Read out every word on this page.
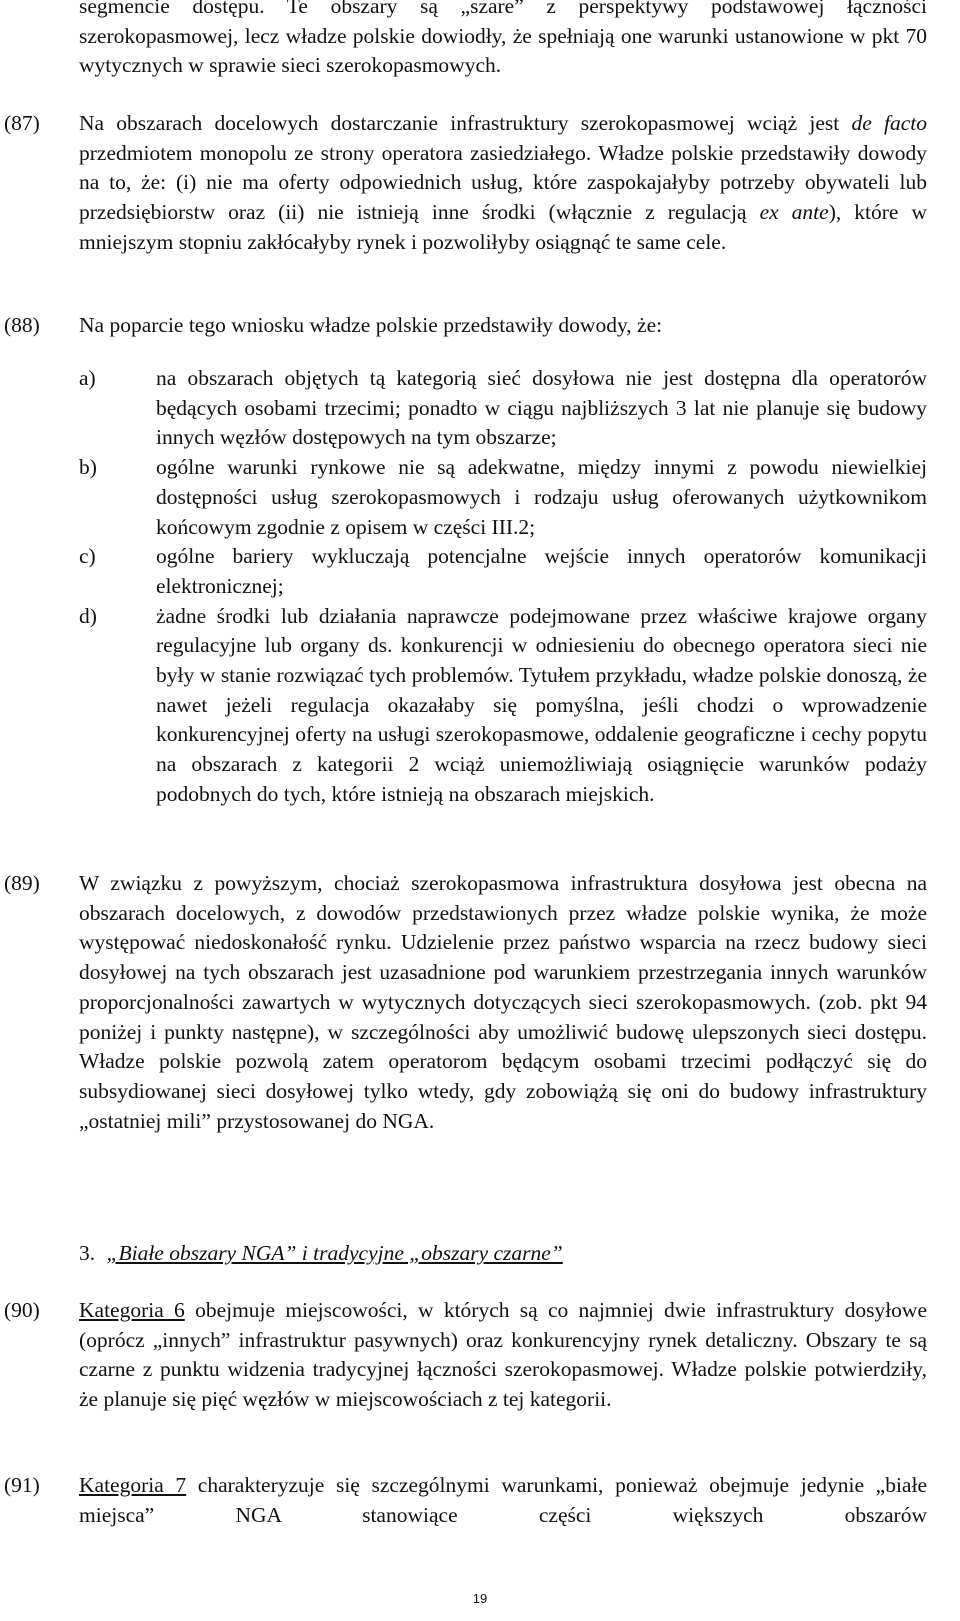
segmencie dostępu. Te obszary są „szare” z perspektywy podstawowej łączności szerokopasmowej, lecz władze polskie dowiodły, że spełniają one warunki ustanowione w pkt 70 wytycznych w sprawie sieci szerokopasmowych.
(87) Na obszarach docelowych dostarczanie infrastruktury szerokopasmowej wciąż jest de facto przedmiotem monopolu ze strony operatora zasiedziałego. Władze polskie przedstawiły dowody na to, że: (i) nie ma oferty odpowiednich usług, które zaspokajałyby potrzeby obywateli lub przedsiębiorstw oraz (ii) nie istnieją inne środki (włącznie z regulacją ex ante), które w mniejszym stopniu zakłócałyby rynek i pozwoliłyby osiągnąć te same cele.
(88) Na poparcie tego wniosku władze polskie przedstawiły dowody, że:
a)	na obszarach objętych tą kategorią sieć dosyłowa nie jest dostępna dla operatorów będących osobami trzecimi; ponadto w ciągu najbliższych 3 lat nie planuje się budowy innych węzłów dostępowych na tym obszarze;
b)	ogólne warunki rynkowe nie są adekwatne, między innymi z powodu niewielkiej dostępności usług szerokopasmowych i rodzaju usług oferowanych użytkownikom końcowym zgodnie z opisem w części III.2;
c)	ogólne bariery wykluczają potencjalne wejście innych operatorów komunikacji elektronicznej;
d)	żadne środki lub działania naprawcze podejmowane przez właściwe krajowe organy regulacyjne lub organy ds. konkurencji w odniesieniu do obecnego operatora sieci nie były w stanie rozwiązać tych problemów. Tytułem przykładu, władze polskie donoszą, że nawet jeżeli regulacja okazałaby się pomyślna, jeśli chodzi o wprowadzenie konkurencyjnej oferty na usługi szerokopasmowe, oddalenie geograficzne i cechy popytu na obszarach z kategorii 2 wciąż uniemożliwiają osiągnięcie warunków podaży podobnych do tych, które istnieją na obszarach miejskich.
(89) W związku z powyższym, chociaż szerokopasmowa infrastruktura dosyłowa jest obecna na obszarach docelowych, z dowodów przedstawionych przez władze polskie wynika, że może występować niedoskonałość rynku. Udzielenie przez państwo wsparcia na rzecz budowy sieci dosyłowej na tych obszarach jest uzasadnione pod warunkiem przestrzegania innych warunków proporcjonalności zawartych w wytycznych dotyczących sieci szerokopasmowych. (zob. pkt 94 poniżej i punkty następne), w szczególności aby umożliwić budowę ulepszonych sieci dostępu. Władze polskie pozwolą zatem operatorom będącym osobami trzecimi podłączyć się do subsydiowanej sieci dosyłowej tylko wtedy, gdy zobowiążą się oni do budowy infrastruktury „ostatniej mili” przystosowanej do NGA.
3. „Białe obszary NGA” i tradycyjne „obszary czarne”
(90) Kategoria 6 obejmuje miejscowości, w których są co najmniej dwie infrastruktury dosyłowe (oprócz „innych” infrastruktur pasywnych) oraz konkurencyjny rynek detaliczny. Obszary te są czarne z punktu widzenia tradycyjnej łączności szerokopasmowej. Władze polskie potwierdziły, że planuje się pięć węzłów w miejscowościach z tej kategorii.
(91) Kategoria 7 charakteryzuje się szczególnymi warunkami, ponieważ obejmuje jedynie „białe miejsca” NGA stanowiące części większych obszarów
19
